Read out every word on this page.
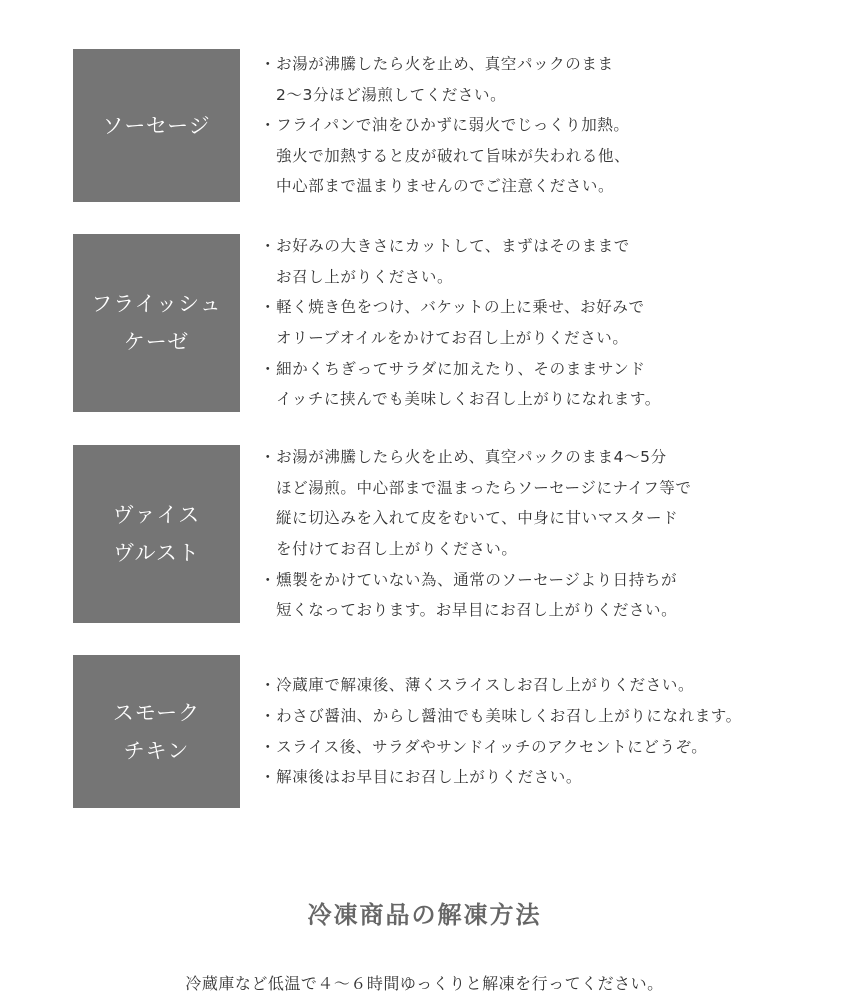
ソーセージ
・お湯が沸騰したら火を止め、真空パックのまま
2〜3分ほど湯煎してください。
・フライパンで油をひかずに弱火でじっくり加熱。
強火で加熱すると皮が破れて旨味が失われる他、
中心部まで温まりませんのでご注意ください。
フライッシュ
ケーゼ
・お好みの大きさにカットして、まずはそのままで
お召し上がりください。
・軽く焼き色をつけ、バケットの上に乗せ、お好みで
オリーブオイルをかけてお召し上がりください。
・細かくちぎってサラダに加えたり、そのままサンド
イッチに挟んでも美味しくお召し上がりになれます。
ヴァイス
ヴルスト
・お湯が沸騰したら火を止め、真空パックのまま4〜5分
ほど湯煎。中心部まで温まったらソーセージにナイフ等で
縦に切込みを入れて皮をむいて、中身に甘いマスタード
を付けてお召し上がりください。
・燻製をかけていない為、通常のソーセージより日持ちが
短くなっております。お早目にお召し上がりください。
スモーク
チキン
・冷蔵庫で解凍後、薄くスライスしお召し上がりください。
・わさび醤油、からし醤油でも美味しくお召し上がりになれます。
・スライス後、サラダやサンドイッチのアクセントにどうぞ。
・解凍後はお早目にお召し上がりください。
冷凍商品の解凍方法
冷蔵庫など低温で４〜６時間ゆっくりと解凍を行ってください。
